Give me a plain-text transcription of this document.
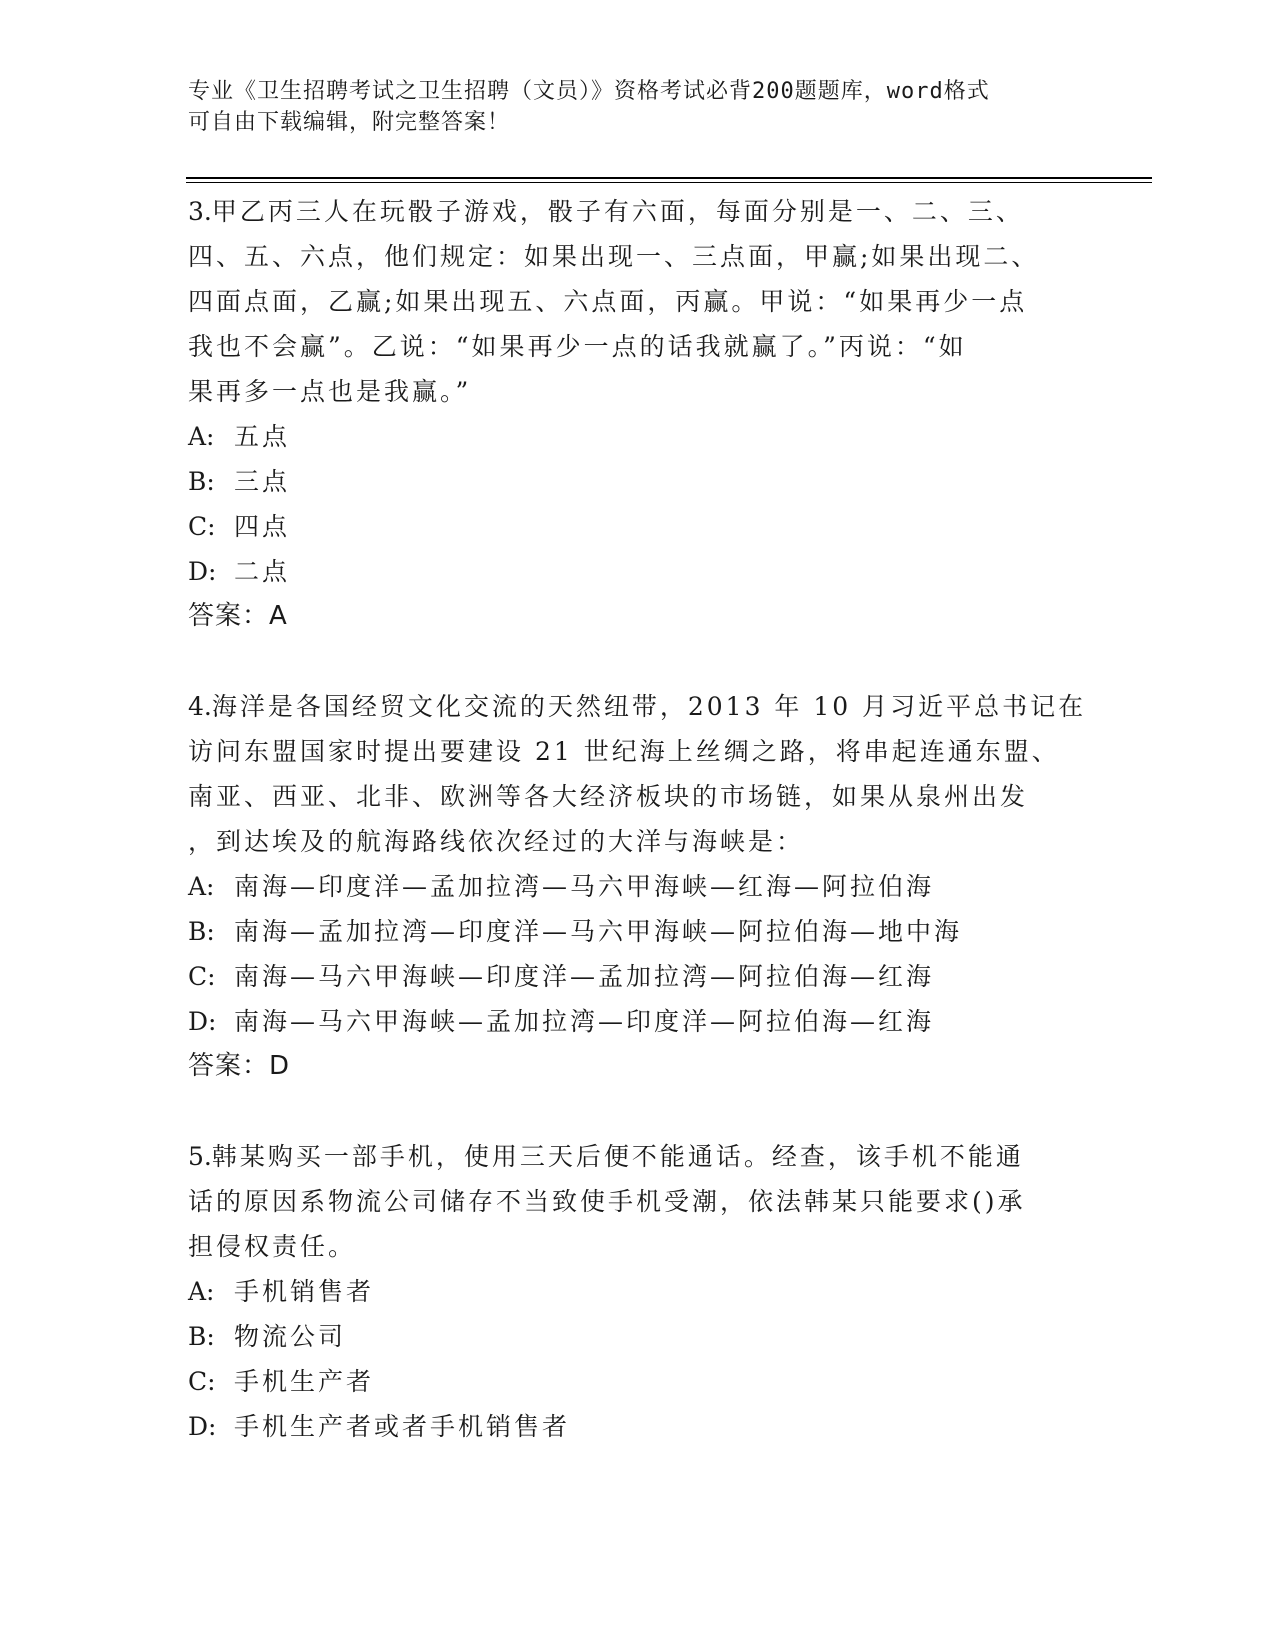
专业《卫生招聘考试之卫生招聘（文员）》资格考试必背200题题库，word格式
可自由下载编辑，附完整答案！

3.甲乙丙三人在玩骰子游戏，骰子有六面，每面分别是一、二、三、
四、五、六点，他们规定：如果出现一、三点面，甲赢;如果出现二、
四面点面，乙赢;如果出现五、六点面，丙赢。甲说：“如果再少一点
我也不会赢”。乙说：“如果再少一点的话我就赢了。”丙说：“如
果再多一点也是我赢。”

A: 五点

B: 三点

C: 四点

D: 二点

答案：A

4.海洋是各国经贸文化交流的天然纽带，2013 年 10 月习近平总书记在
访问东盟国家时提出要建设 21 世纪海上丝绸之路，将串起连通东盟、
南亚、西亚、北非、欧洲等各大经济板块的市场链，如果从泉州出发
，到达埃及的航海路线依次经过的大洋与海峡是：

A: 南海—印度洋—孟加拉湾—马六甲海峡—红海—阿拉伯海

B: 南海—孟加拉湾—印度洋—马六甲海峡—阿拉伯海—地中海

C: 南海—马六甲海峡—印度洋—孟加拉湾—阿拉伯海—红海

D: 南海—马六甲海峡—孟加拉湾—印度洋—阿拉伯海—红海

答案：D

5.韩某购买一部手机，使用三天后便不能通话。经查，该手机不能通
话的原因系物流公司储存不当致使手机受潮，依法韩某只能要求()承
担侵权责任。

A: 手机销售者

B: 物流公司

C: 手机生产者

D: 手机生产者或者手机销售者
